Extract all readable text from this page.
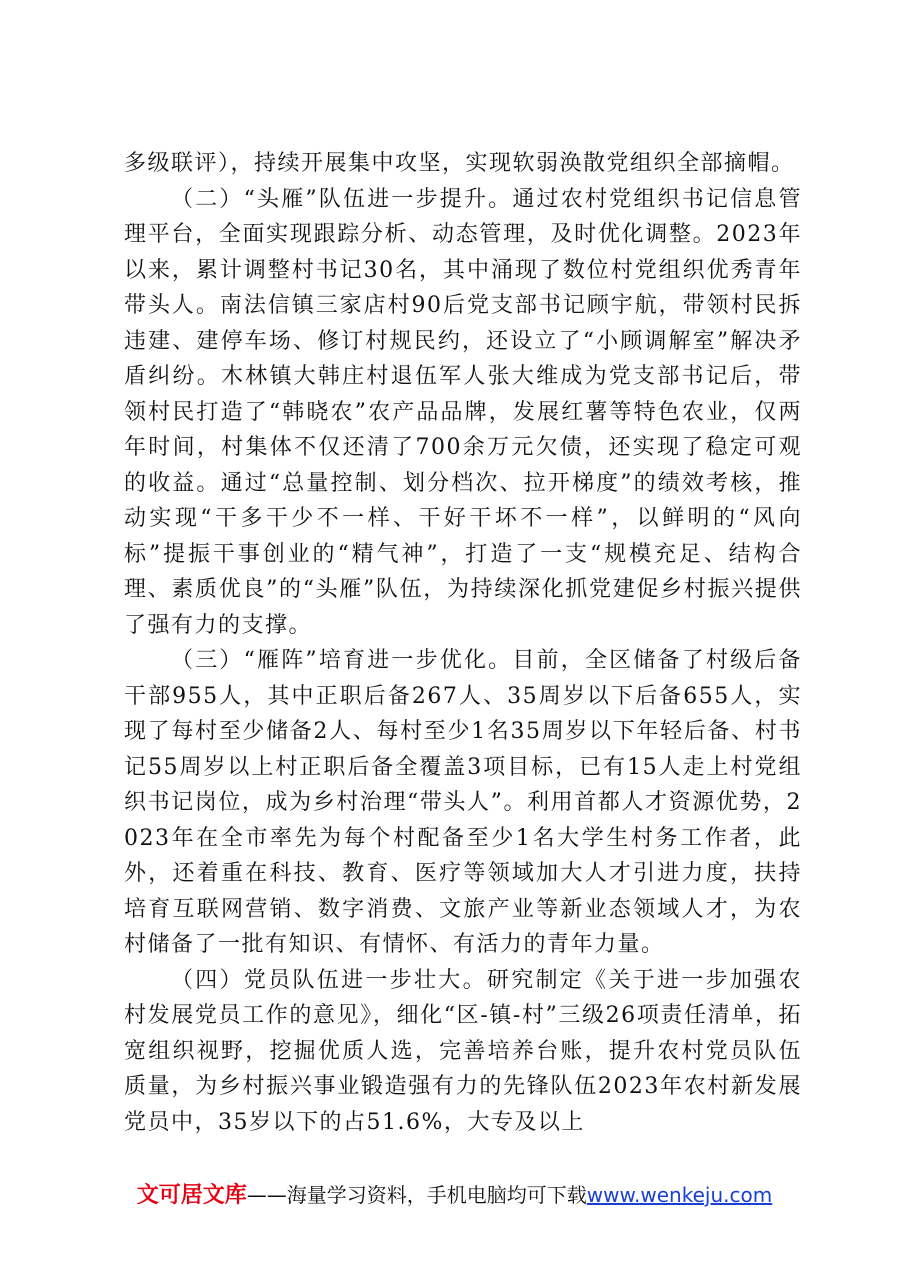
多级联评），持续开展集中攻坚，实现软弱涣散党组织全部摘帽。

（二）“头雁”队伍进一步提升。通过农村党组织书记信息管理平台，全面实现跟踪分析、动态管理，及时优化调整。2023年以来，累计调整村书记30名，其中涌现了数位村党组织优秀青年带头人。南法信镇三家店村90后党支部书记顾宇航，带领村民拆违建、建停车场、修订村规民约，还设立了“小顾调解室”解决矛盾纠纷。木林镇大韩庄村退伍军人张大维成为党支部书记后，带领村民打造了“韩晓农”农产品品牌，发展红薯等特色农业，仅两年时间，村集体不仅还清了700余万元欠债，还实现了稳定可观的收益。通过“总量控制、划分档次、拉开梯度”的绩效考核，推动实现“干多干少不一样、干好干坏不一样”，以鲜明的“风向标”提振干事创业的“精气神”，打造了一支“规模充足、结构合理、素质优良”的“头雁”队伍，为持续深化抓党建促乡村振兴提供了强有力的支撑。

（三）“雁阵”培育进一步优化。目前，全区储备了村级后备干部955人，其中正职后备267人、35周岁以下后备655人，实现了每村至少储备2人、每村至少1名35周岁以下年轻后备、村书记55周岁以上村正职后备全覆盖3项目标，已有15人走上村党组织书记岗位，成为乡村治理“带头人”。利用首都人才资源优势，2023年在全市率先为每个村配备至少1名大学生村务工作者，此外，还着重在科技、教育、医疗等领域加大人才引进力度，扶持培育互联网营销、数字消费、文旅产业等新业态领域人才，为农村储备了一批有知识、有情怀、有活力的青年力量。

（四）党员队伍进一步壮大。研究制定《关于进一步加强农村发展党员工作的意见》，细化“区-镇-村”三级26项责任清单，拓宽组织视野，挖掘优质人选，完善培养台账，提升农村党员队伍质量，为乡村振兴事业锻造强有力的先锋队伍2023年农村新发展党员中，35岁以下的占51.6%，大专及以上

文可居文库——海量学习资料，手机电脑均可下载www.wenkeju.com
